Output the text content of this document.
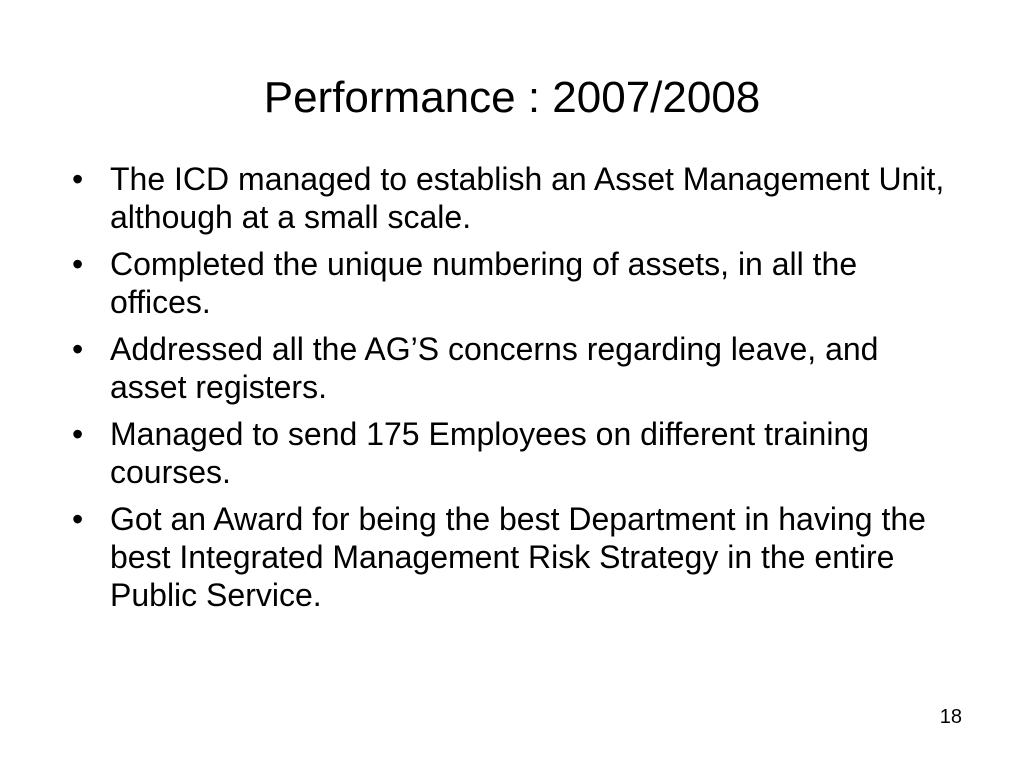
Performance : 2007/2008
• The ICD managed to establish an Asset Management Unit, although at a small scale.
• Completed the unique numbering of assets, in all the offices.
• Addressed all the AG’S concerns regarding leave, and asset registers.
• Managed to send 175 Employees on different training courses.
• Got an Award for being the best Department in having the best Integrated Management Risk Strategy in the entire Public Service.
18
